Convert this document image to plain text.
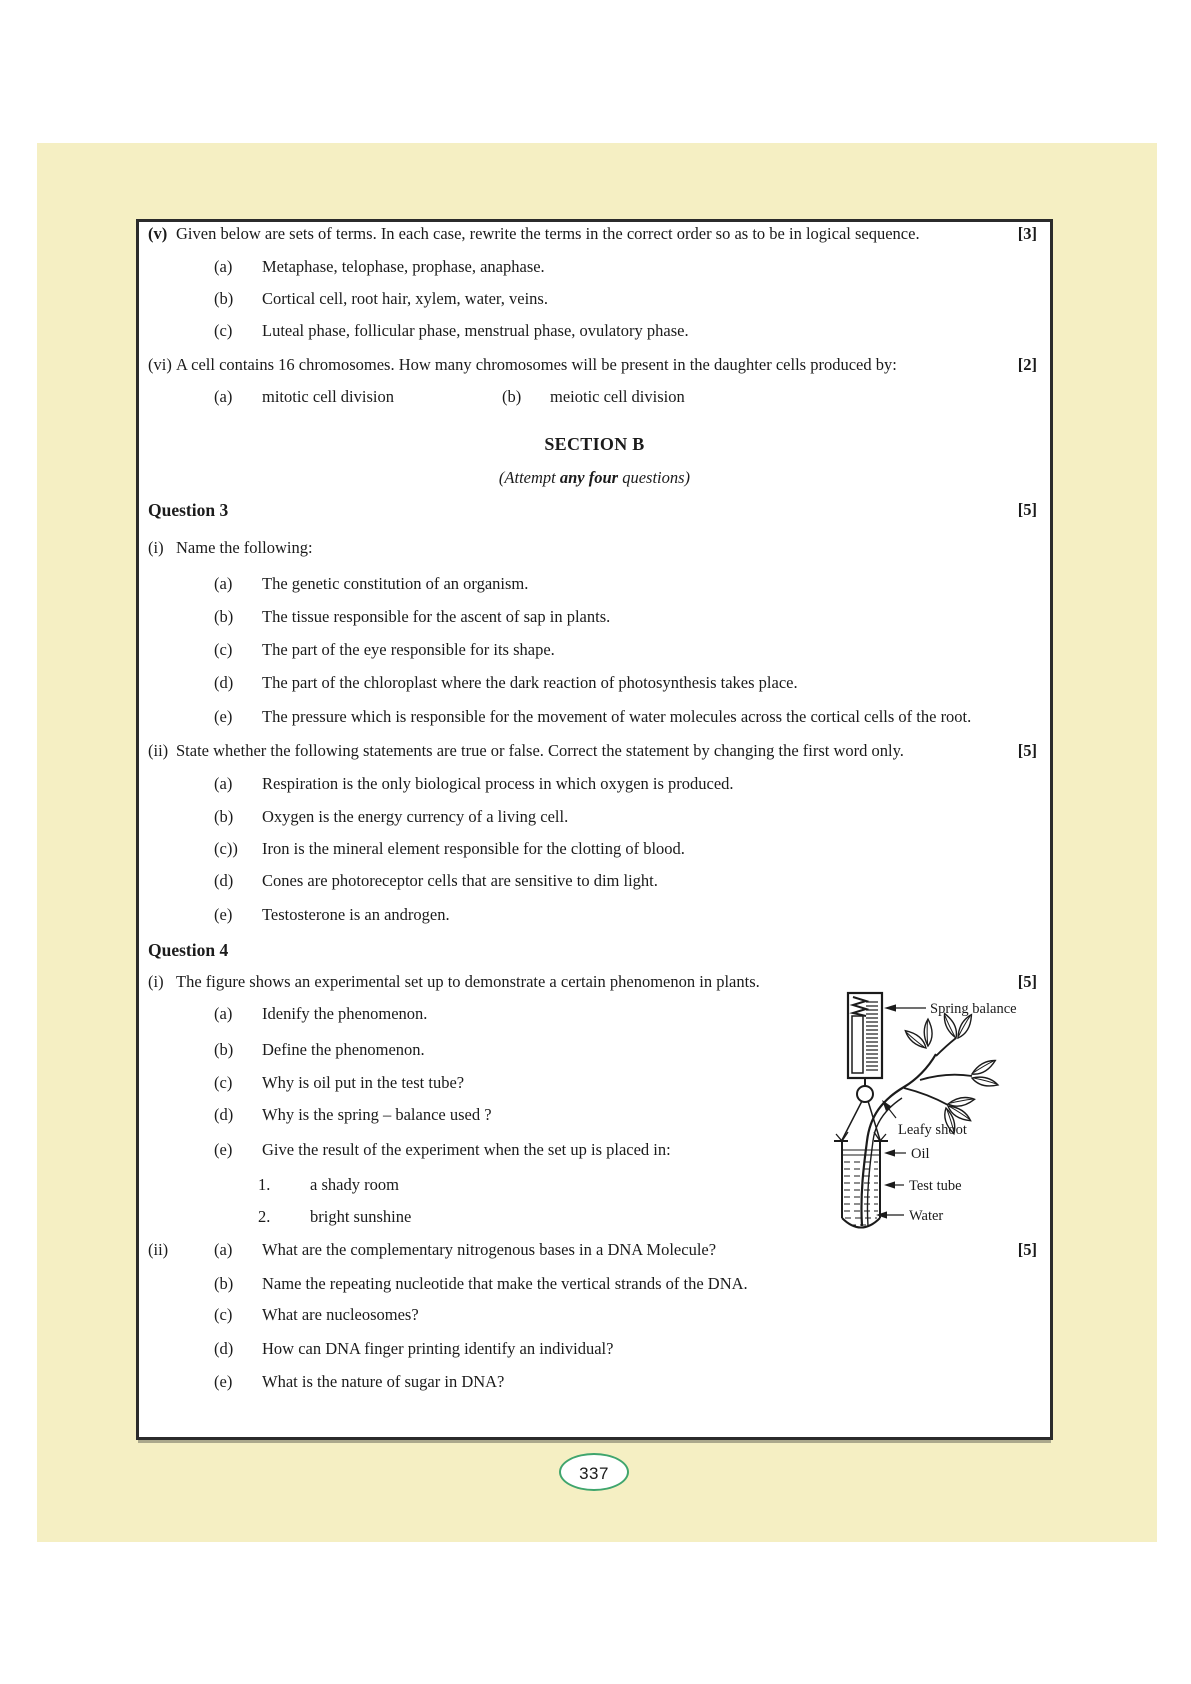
(v) Given below are sets of terms. In each case, rewrite the terms in the correct order so as to be in logical sequence.	[3]
(a) Metaphase, telophase, prophase, anaphase.
(b) Cortical cell, root hair, xylem, water, veins.
(c) Luteal phase, follicular phase, menstrual phase, ovulatory phase.
(vi) A cell contains 16 chromosomes. How many chromosomes will be present in the daughter cells produced by:	[2]
(a) mitotic cell division	(b) meiotic cell division
SECTION B
(Attempt any four questions)
Question 3	[5]
(i) Name the following:
(a) The genetic constitution of an organism.
(b) The tissue responsible for the ascent of sap in plants.
(c) The part of the eye responsible for its shape.
(d) The part of the chloroplast where the dark reaction of photosynthesis takes place.
(e) The pressure which is responsible for the movement of water molecules across the cortical cells of the root.
(ii) State whether the following statements are true or false. Correct the statement by changing the first word only.	[5]
(a) Respiration is the only biological process in which oxygen is produced.
(b) Oxygen is the energy currency of a living cell.
(c)) Iron is the mineral element responsible for the clotting of blood.
(d) Cones are photoreceptor cells that are sensitive to dim light.
(e) Testosterone is an androgen.
Question 4
(i) The figure shows an experimental set up to demonstrate a certain phenomenon in plants.	[5]
(a) Idenify the phenomenon.
(b) Define the phenomenon.
(c) Why is oil put in the test tube?
(d) Why is the spring – balance used ?
(e) Give the result of the experiment when the set up is placed in:
1. a shady room
2. bright sunshine
(ii)	(a) What are the complementary nitrogenous bases in a DNA Molecule?	[5]
(b) Name the repeating nucleotide that make the vertical strands of the DNA.
(c) What are nucleosomes?
(d) How can DNA finger printing identify an individual?
(e) What is the nature of sugar in DNA?
Spring balance
Leafy shoot
Oil
Test tube
Water
337
